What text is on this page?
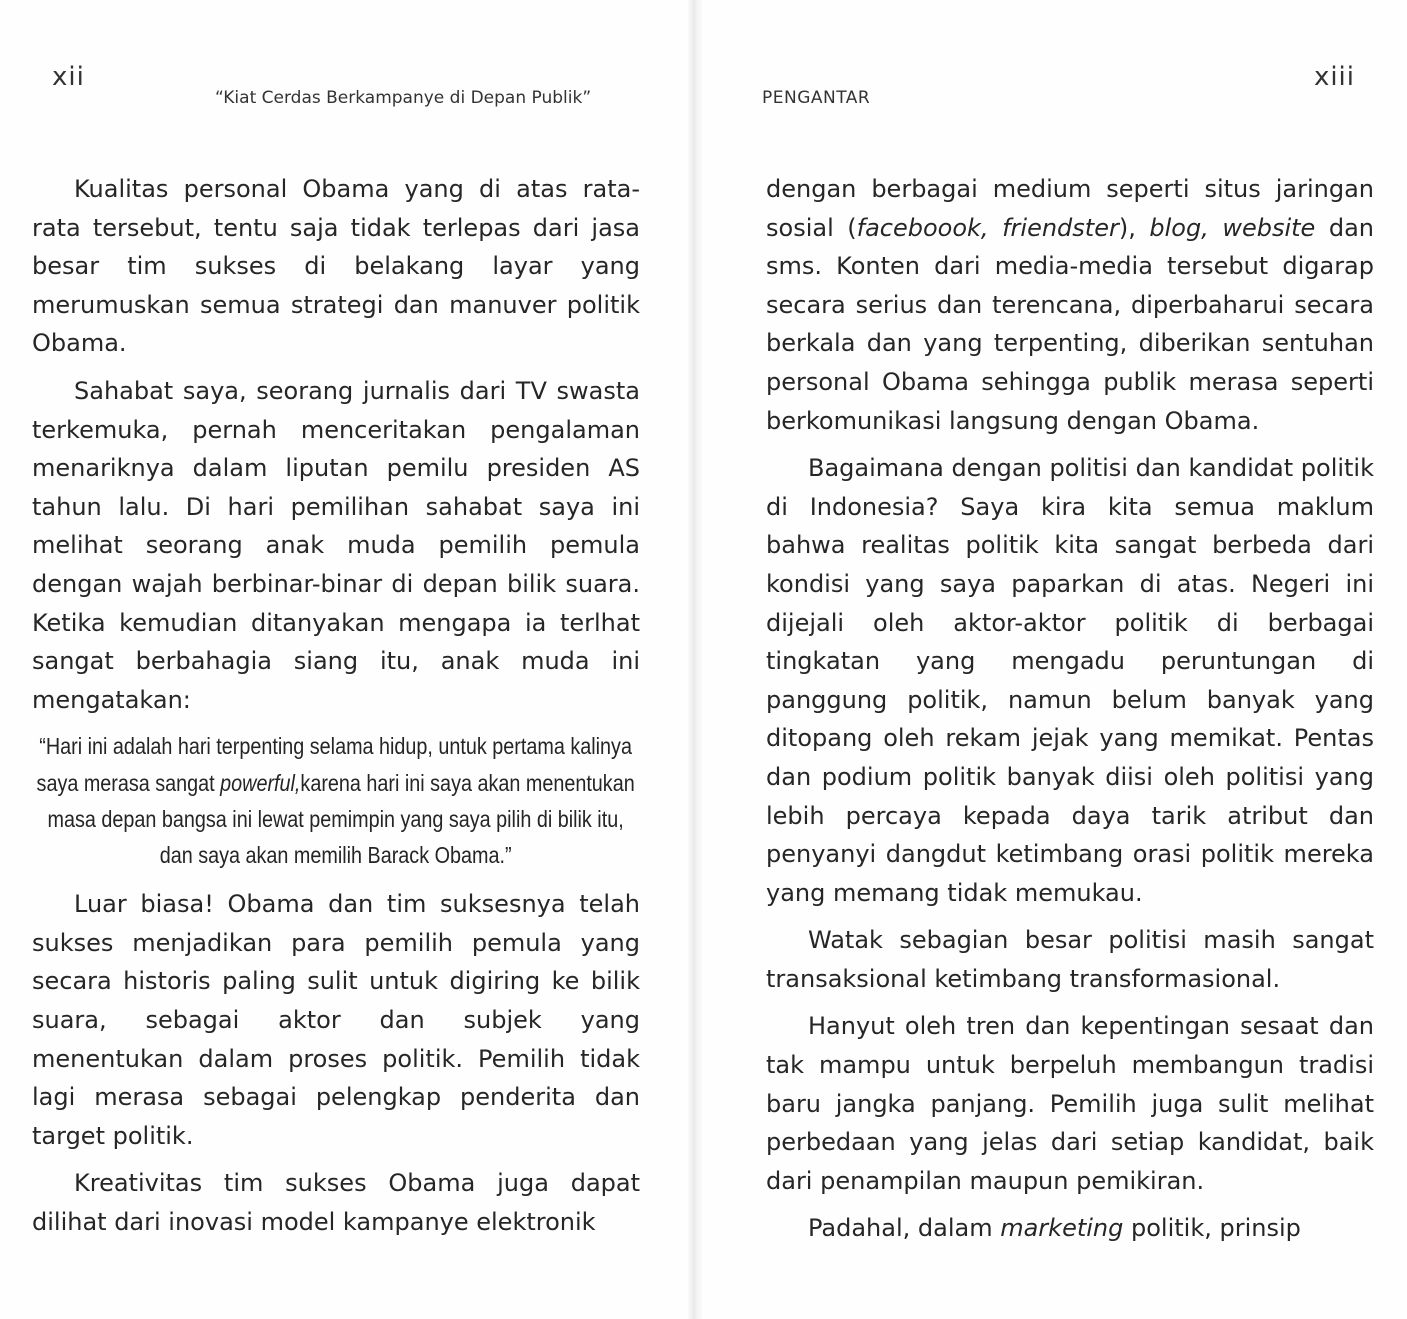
xii
“Kiat Cerdas Berkampanye di Depan Publik”

Kualitas personal Obama yang di atas rata-rata tersebut, tentu saja tidak terlepas dari jasa besar tim sukses di belakang layar yang merumuskan semua strategi dan manuver politik Obama.

Sahabat saya, seorang jurnalis dari TV swasta terkemuka, pernah menceritakan pengalaman menariknya dalam liputan pemilu presiden AS tahun lalu. Di hari pemilihan sahabat saya ini melihat seorang anak muda pemilih pemula dengan wajah berbinar-binar di depan bilik suara. Ketika kemudian ditanyakan mengapa ia terlhat sangat berbahagia siang itu, anak muda ini mengatakan:

“Hari ini adalah hari terpenting selama hidup, untuk pertama kalinya saya merasa sangat powerful,karena hari ini saya akan menentukan masa depan bangsa ini lewat pemimpin yang saya pilih di bilik itu, dan saya akan memilih Barack Obama.”

Luar biasa! Obama dan tim suksesnya telah sukses menjadikan para pemilih pemula yang secara historis paling sulit untuk digiring ke bilik suara, sebagai aktor dan subjek yang menentukan dalam proses politik. Pemilih tidak lagi merasa sebagai pelengkap penderita dan target politik.

Kreativitas tim sukses Obama juga dapat dilihat dari inovasi model kampanye elektronik

PENGANTAR
xiii

dengan berbagai medium seperti situs jaringan sosial (faceboook, friendster), blog, website dan sms. Konten dari media-media tersebut digarap secara serius dan terencana, diperbaharui secara berkala dan yang terpenting, diberikan sentuhan personal Obama sehingga publik merasa seperti berkomunikasi langsung dengan Obama.

Bagaimana dengan politisi dan kandidat politik di Indonesia? Saya kira kita semua maklum bahwa realitas politik kita sangat berbeda dari kondisi yang saya paparkan di atas. Negeri ini dijejali oleh aktor-aktor politik di berbagai tingkatan yang mengadu peruntungan di panggung politik, namun belum banyak yang ditopang oleh rekam jejak yang memikat. Pentas dan podium politik banyak diisi oleh politisi yang lebih percaya kepada daya tarik atribut dan penyanyi dangdut ketimbang orasi politik mereka yang memang tidak memukau.

Watak sebagian besar politisi masih sangat transaksional ketimbang transformasional.

Hanyut oleh tren dan kepentingan sesaat dan tak mampu untuk berpeluh membangun tradisi baru jangka panjang. Pemilih juga sulit melihat perbedaan yang jelas dari setiap kandidat, baik dari penampilan maupun pemikiran.

Padahal, dalam marketing politik, prinsip
